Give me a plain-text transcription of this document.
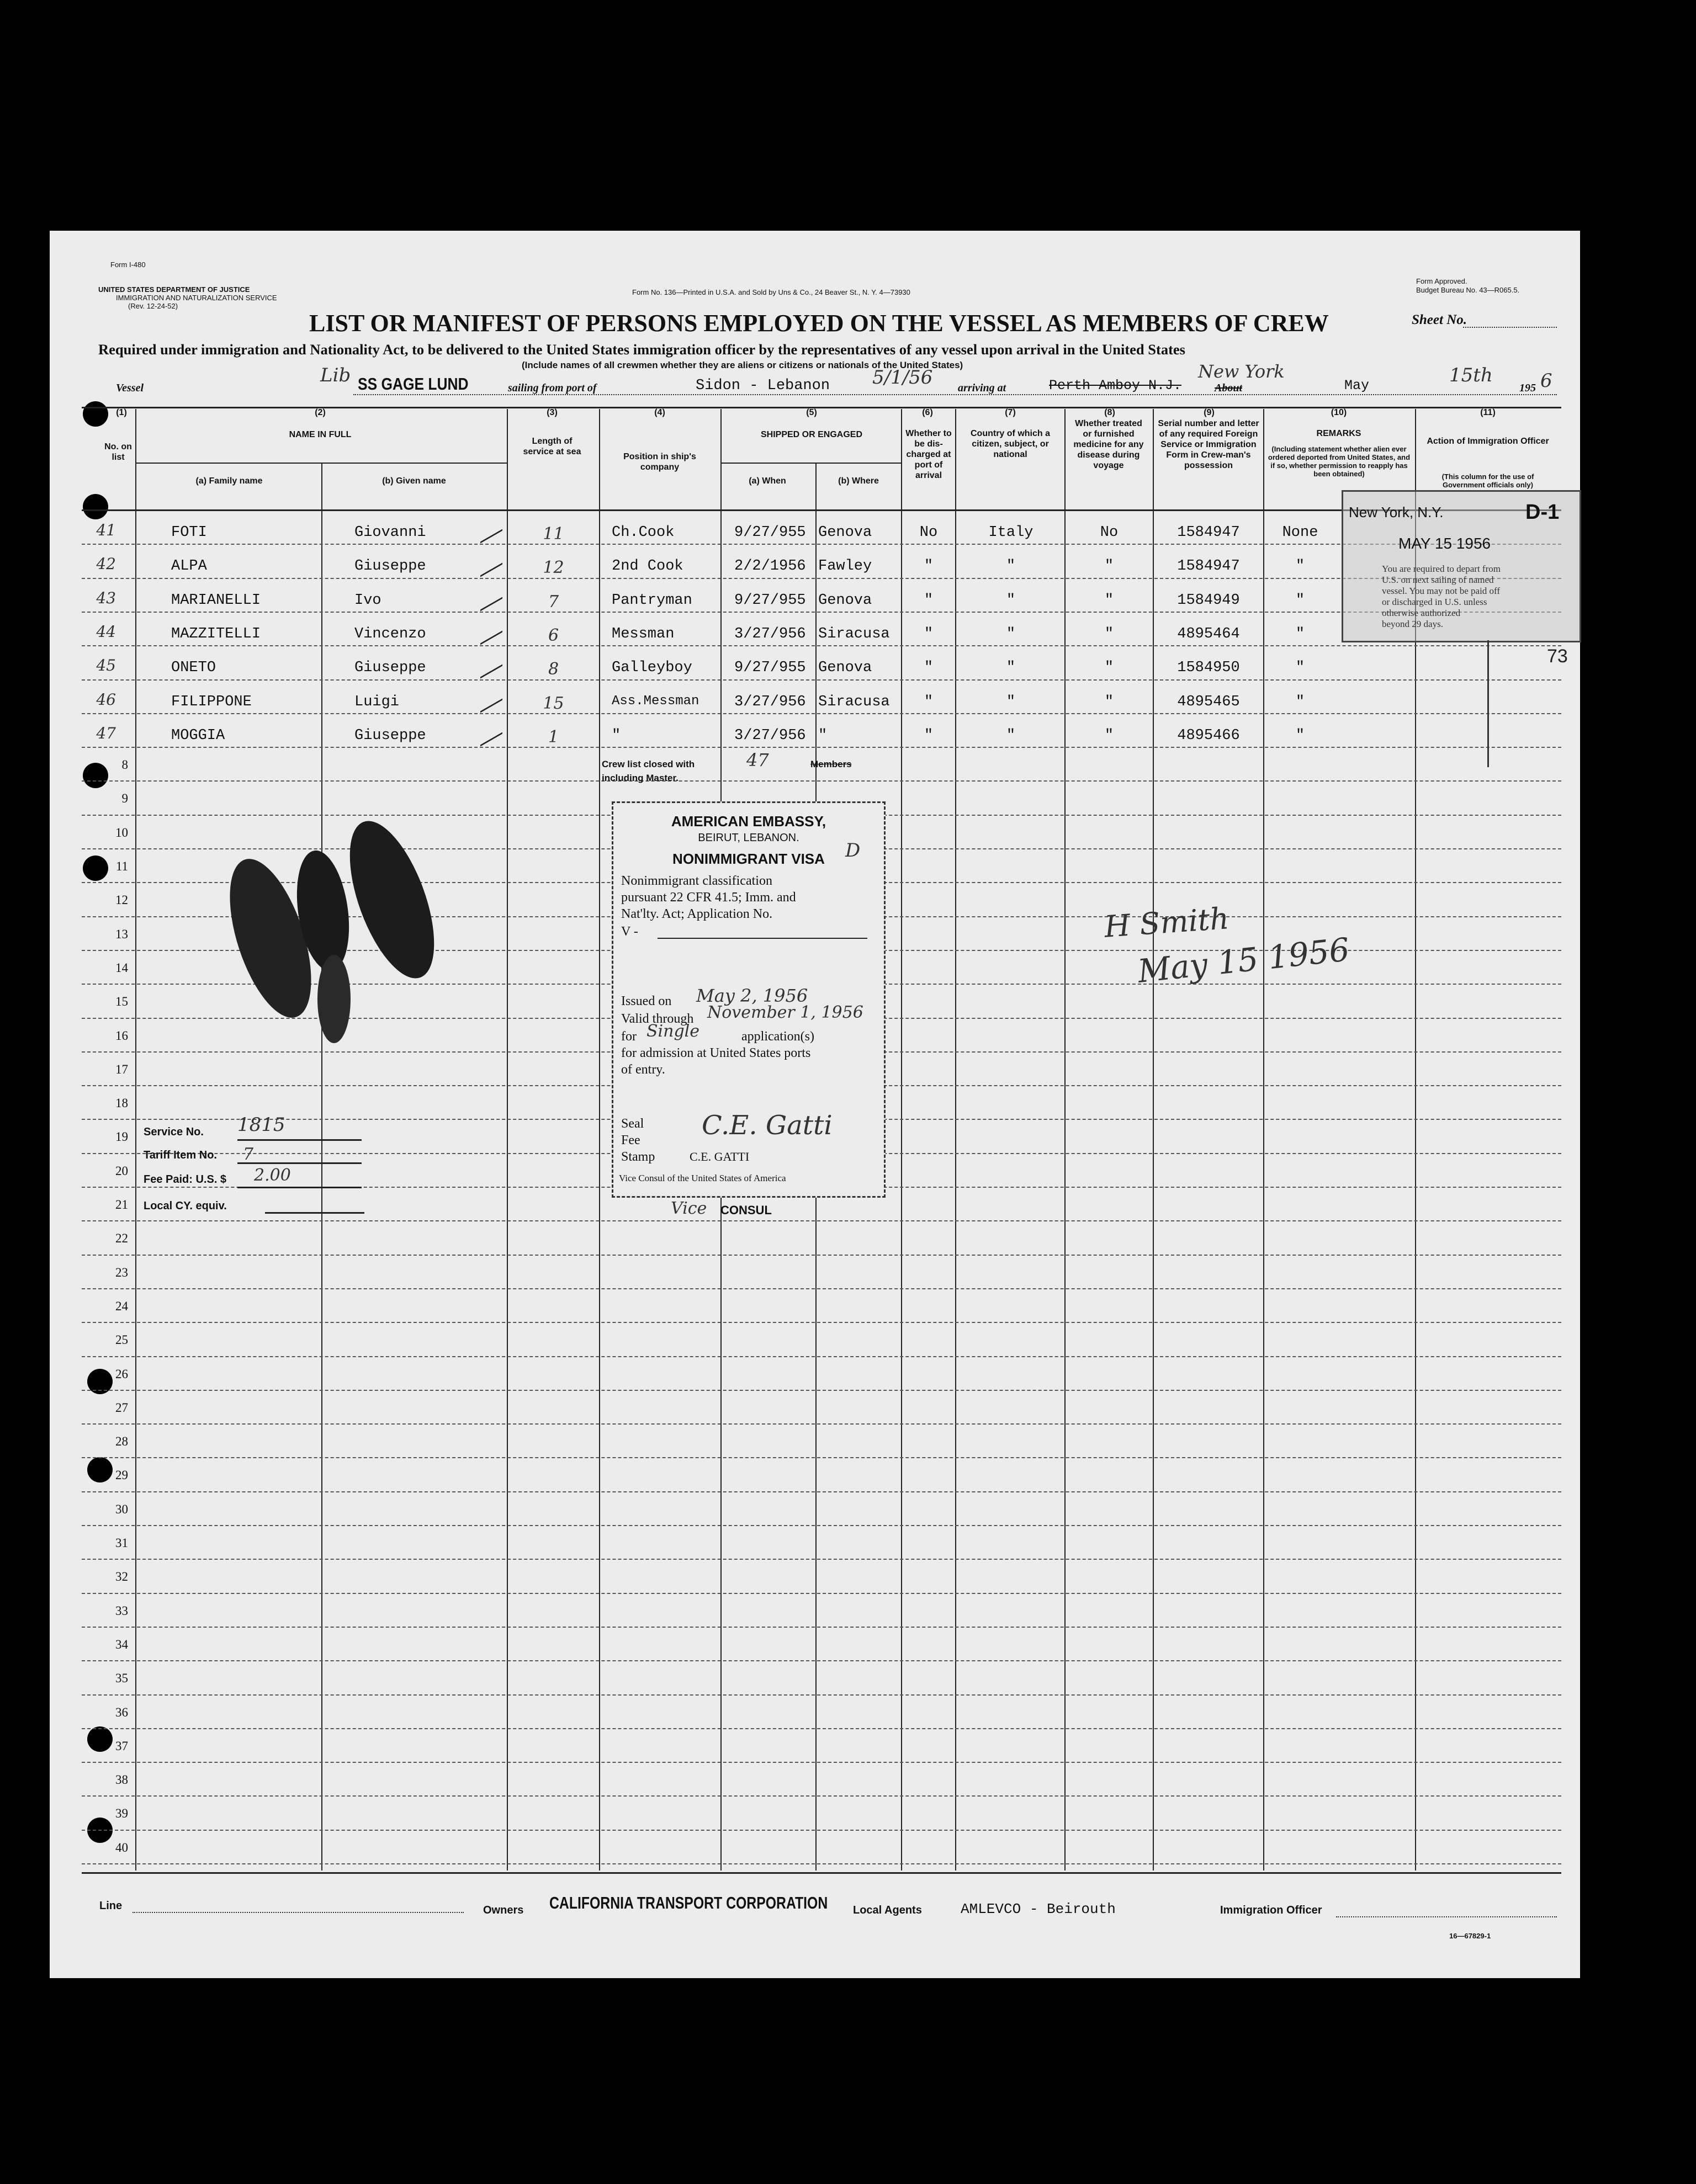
Form I-480
UNITED STATES DEPARTMENT OF JUSTICE
IMMIGRATION AND NATURALIZATION SERVICE
(Rev. 12-24-52)
Form No. 136—Printed in U.S.A. and Sold by Uns & Co., 24 Beaver St., N. Y. 4—73930
Form Approved.
Budget Bureau No. 43—R065.5.
LIST OR MANIFEST OF PERSONS EMPLOYED ON THE VESSEL AS MEMBERS OF CREW	Sheet No.
Required under immigration and Nationality Act, to be delivered to the United States immigration officer by the representatives of any vessel upon arrival in the United States
(Include names of all crewmen whether they are aliens or citizens or nationals of the United States)
Vessel
Lib SS GAGE LUND	sailing from port of	Sidon - Lebanon 5/1/56 arriving at	Perth Amboy N.J.
New York
About	May	15th
195 6
(1)
No. on list
(2)
NAME IN FULL
(a) Family name	(b) Given name
(3)
Length of service at sea
(4)
Position in ship's company
(5)
SHIPPED OR ENGAGED
(a) When	(b) Where
(6)
Whether to be dis-charged at port of arrival
(7)
Country of which a citizen, subject, or national
(8)
Whether treated or furnished medicine for any disease during voyage
(9)
Serial number and letter of any required Foreign Service or Immigration Form in Crew-man's possession
(10)
REMARKS
(Including statement whether alien ever ordered deported from United States, and if so, whether permission to reapply has been obtained)
(11)
Action of Immigration Officer
(This column for the use of Government officials only)
41	FOTI	Giovanni	11	Ch.Cook	9/27/955 Genova	No	Italy	No	1584947	None
42	ALPA	Giuseppe	12	2nd Cook	2/2/1956 Fawley	"	"	"	1584947	"
43	MARIANELLI	Ivo	7	Pantryman	9/27/955 Genova	"	"	"	1584949	"
44	MAZZITELLI	Vincenzo	6	Messman	3/27/956 Siracusa	"	"	"	4895464	"
45	ONETO	Giuseppe	8	Galleyboy	9/27/955 Genova	"	"	"	1584950	"
46	FILIPPONE	Luigi	15	Ass.Messman	3/27/956 Siracusa	"	"	"	4895465	"
47	MOGGIA	Giuseppe	1	"	3/27/956 "	"	"	"	4895466	"
8
9
10
11
12
13
14
15
16
17
18
19
20
21
22
23
24
25
26
27
28
29
30
31
32
33
34
35
36
37
38
39
40
Crew list closed with	47	Members
including Master.
AMERICAN EMBASSY,
BEIRUT, LEBANON.
NONIMMIGRANT VISA	D
Nonimmigrant classification
pursuant 22 CFR 41.5; Imm. and
Nat'lty. Act; Application No.
V -
Issued on May 2, 1956
Valid through November 1, 1956
for Single	application(s)
for admission at United States ports
of entry.
Seal
Fee
Stamp
C.E. Gatti
C.E. GATTI
Vice Consul of the United States of America
Vice CONSUL
Service No. 1815
Tariff Item No. 7
Fee Paid: U.S. $ 2.00
Local CY. equiv.
New York, N.Y.	D-1
MAY 15 1956
You are required to depart from
U.S. on next sailing of named
vessel. You may not be paid off
or discharged in U.S. unless
otherwise authorized
beyond 29 days.
73
H Smith
May 15 1956
Line	Owners CALIFORNIA TRANSPORT CORPORATION Local Agents	AMLEVCO - Beirouth	Immigration Officer
16—67829-1
